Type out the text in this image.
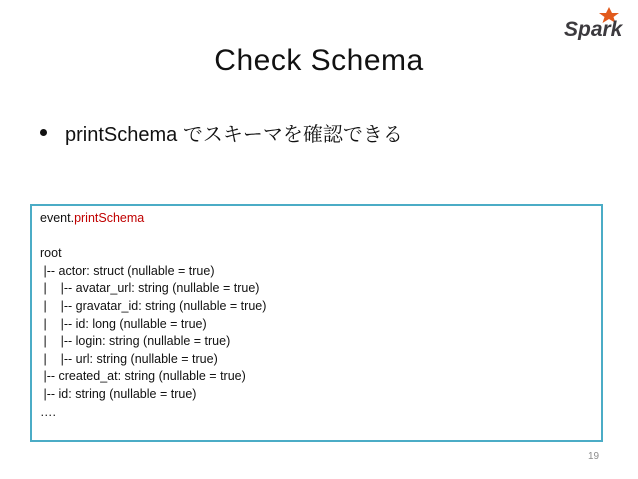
Spark
Check Schema
printSchema でスキーマを確認できる
event.printSchema
root
|-- actor: struct (nullable = true)
|    |-- avatar_url: string (nullable = true)
|    |-- gravatar_id: string (nullable = true)
|    |-- id: long (nullable = true)
|    |-- login: string (nullable = true)
|    |-- url: string (nullable = true)
|-- created_at: string (nullable = true)
|-- id: string (nullable = true)
….
19
